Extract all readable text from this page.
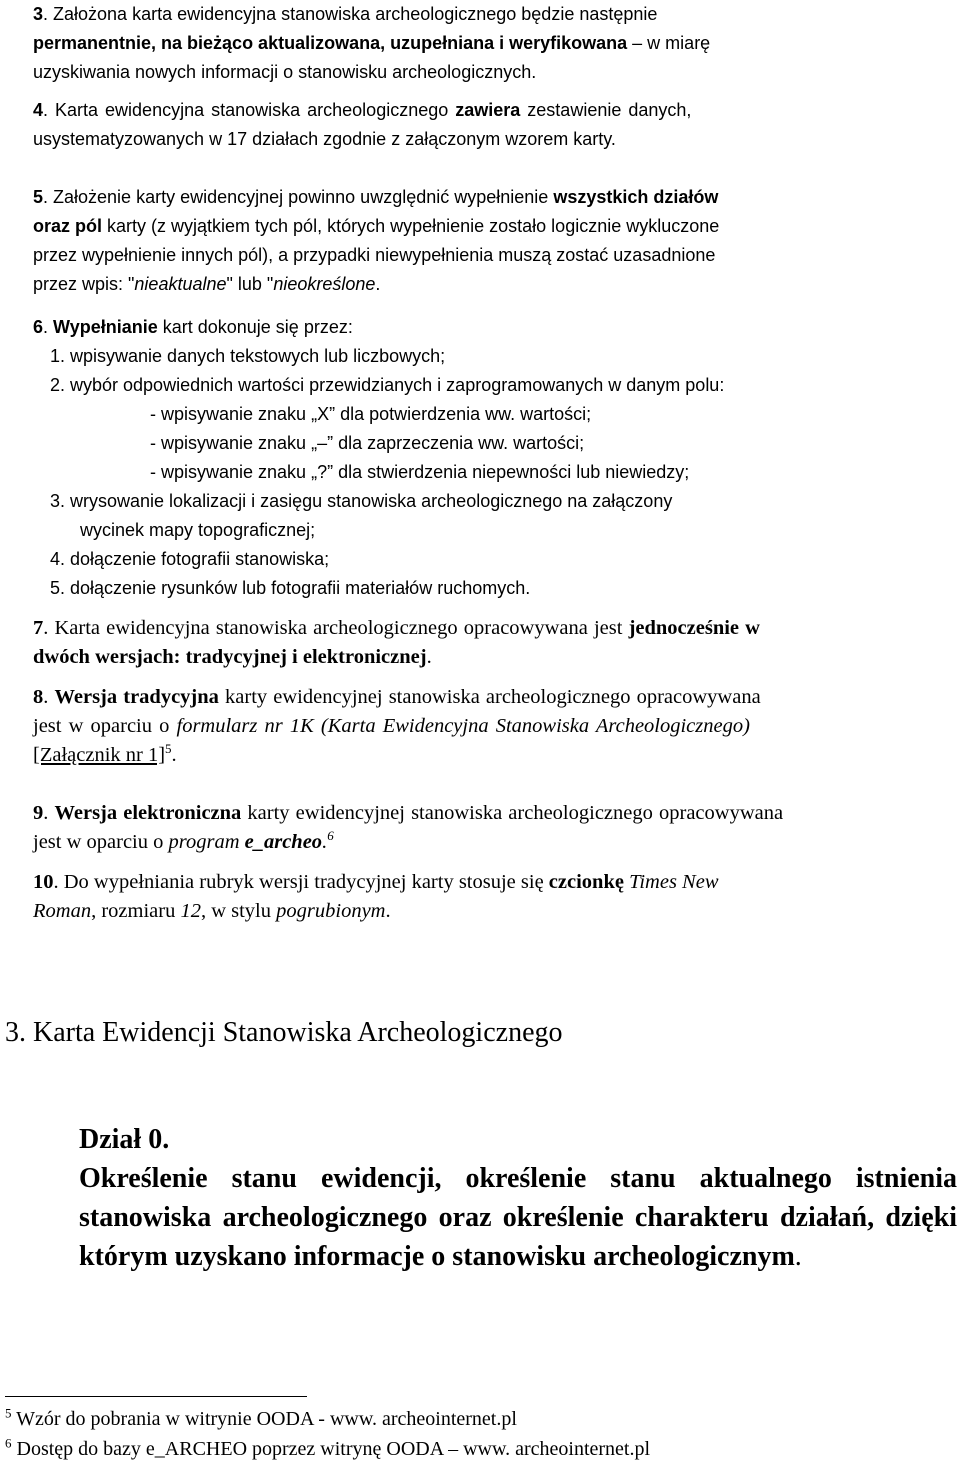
3. Założona karta ewidencyjna stanowiska archeologicznego będzie następnie
permanentnie, na bieżąco aktualizowana, uzupełniana i weryfikowana – w miarę
uzyskiwania nowych informacji o stanowisku archeologicznych.
4. Karta ewidencyjna stanowiska archeologicznego zawiera zestawienie danych,
usystematyzowanych w 17 działach zgodnie z załączonym wzorem karty.
5. Założenie karty ewidencyjnej powinno uwzględnić wypełnienie wszystkich działów
oraz pól karty (z wyjątkiem tych pól, których wypełnienie zostało logicznie wykluczone
przez wypełnienie innych pól), a przypadki niewypełnienia muszą zostać uzasadnione
przez wpis: "nieaktualne" lub "nieokreślone.
6. Wypełnianie kart dokonuje się przez:
1. wpisywanie danych tekstowych lub liczbowych;
2. wybór odpowiednich wartości przewidzianych i zaprogramowanych w danym polu:
- wpisywanie znaku „X” dla potwierdzenia ww. wartości;
- wpisywanie znaku „–” dla zaprzeczenia ww. wartości;
- wpisywanie znaku „?” dla stwierdzenia niepewności lub niewiedzy;
3. wrysowanie lokalizacji i zasięgu stanowiska archeologicznego na załączony
wycinek mapy topograficznej;
4. dołączenie fotografii stanowiska;
5. dołączenie rysunków lub fotografii materiałów ruchomych.
7. Karta ewidencyjna stanowiska archeologicznego opracowywana jest jednocześnie w
dwóch wersjach: tradycyjnej i elektronicznej.
8. Wersja tradycyjna karty ewidencyjnej stanowiska archeologicznego opracowywana
jest w oparciu o formularz nr 1K (Karta Ewidencyjna Stanowiska Archeologicznego)
[Załącznik nr 1]$^5$.
9. Wersja elektroniczna karty ewidencyjnej stanowiska archeologicznego opracowywana
jest w oparciu o program e_archeo.$^6$
10. Do wypełniania rubryk wersji tradycyjnej karty stosuje się czcionkę Times New
Roman, rozmiaru 12, w stylu pogrubionym.
3. Karta Ewidencji Stanowiska Archeologicznego
Dział 0.
Określenie stanu ewidencji, określenie stanu aktualnego istnienia stanowiska archeologicznego oraz określenie charakteru działań, dzięki którym uzyskano informacje o stanowisku archeologicznym.
$^5$ Wzór do pobrania w witrynie OODA - www. archeointernet.pl
$^6$ Dostęp do bazy e_ARCHEO poprzez witrynę OODA – www. archeointernet.pl
